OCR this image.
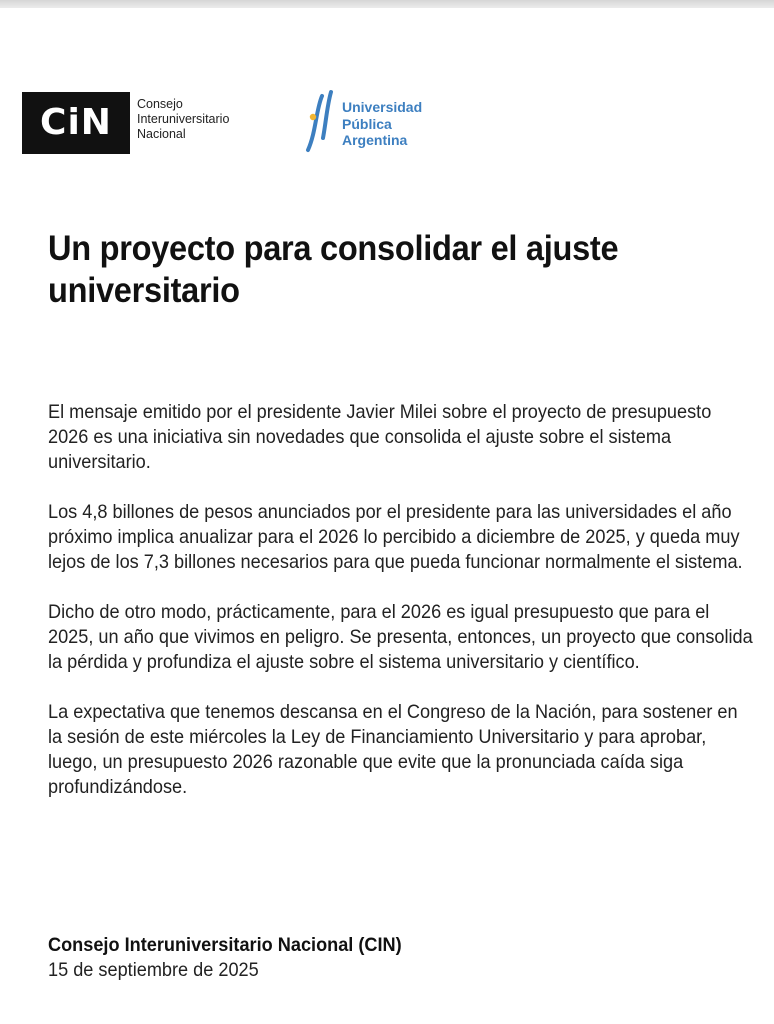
CiN	Consejo
Interuniversitario
Nacional
Universidad
Pública
Argentina
Un proyecto para consolidar el ajuste universitario

El mensaje emitido por el presidente Javier Milei sobre el proyecto de presupuesto 2026 es una iniciativa sin novedades que consolida el ajuste sobre el sistema universitario.

Los 4,8 billones de pesos anunciados por el presidente para las universidades el año próximo implica anualizar para el 2026 lo percibido a diciembre de 2025, y queda muy lejos de los 7,3 billones necesarios para que pueda funcionar normalmente el sistema.

Dicho de otro modo, prácticamente, para el 2026 es igual presupuesto que para el 2025, un año que vivimos en peligro. Se presenta, entonces, un proyecto que consolida la pérdida y profundiza el ajuste sobre el sistema universitario y científico.

La expectativa que tenemos descansa en el Congreso de la Nación, para sostener en la sesión de este miércoles la Ley de Financiamiento Universitario y para aprobar, luego, un presupuesto 2026 razonable que evite que la pronunciada caída siga profundizándose.

Consejo Interuniversitario Nacional (CIN)
15 de septiembre de 2025
